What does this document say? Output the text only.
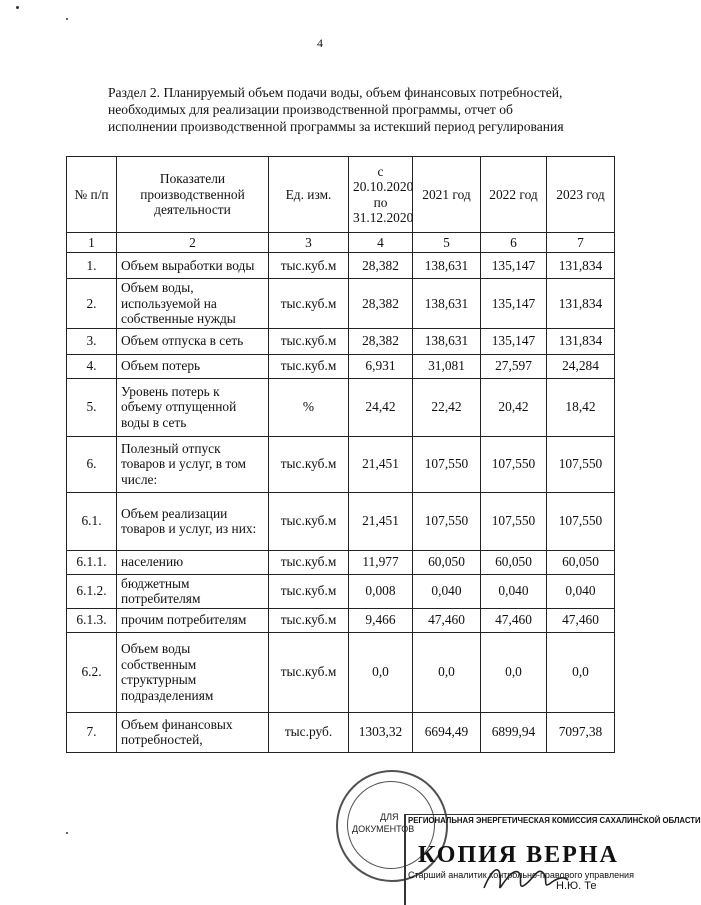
4
Раздел 2. Планируемый объем подачи воды, объем финансовых потребностей,
необходимых для реализации производственной программы, отчет об
исполнении производственной программы за истекший период регулирования
№ п/п	Показатели производственной деятельности	Ед. изм.	с 20.10.2020 по 31.12.2020	2021 год	2022 год	2023 год
1	2	3	4	5	6	7
1.	Объем выработки воды	тыс.куб.м	28,382	138,631	135,147	131,834
2.	Объем воды, используемой на собственные нужды	тыс.куб.м	28,382	138,631	135,147	131,834
3.	Объем отпуска в сеть	тыс.куб.м	28,382	138,631	135,147	131,834
4.	Объем потерь	тыс.куб.м	6,931	31,081	27,597	24,284
5.	Уровень потерь к объему отпущенной воды в сеть	%	24,42	22,42	20,42	18,42
6.	Полезный отпуск товаров и услуг, в том числе:	тыс.куб.м	21,451	107,550	107,550	107,550
6.1.	Объем реализации товаров и услуг, из них:	тыс.куб.м	21,451	107,550	107,550	107,550
6.1.1.	населению	тыс.куб.м	11,977	60,050	60,050	60,050
6.1.2.	бюджетным потребителям	тыс.куб.м	0,008	0,040	0,040	0,040
6.1.3.	прочим потребителям	тыс.куб.м	9,466	47,460	47,460	47,460
6.2.	Объем воды собственным структурным подразделениям	тыс.куб.м	0,0	0,0	0,0	0,0
7.	Объем финансовых потребностей,	тыс.руб.	1303,32	6694,49	6899,94	7097,38
ДЛЯ
ДОКУМЕНТОВ
РЕГИОНАЛЬНАЯ ЭНЕРГЕТИЧЕСКАЯ КОМИССИЯ САХАЛИНСКОЙ ОБЛАСТИ
КОПИЯ ВЕРНА
Старший аналитик контрольно-правового управления
Н.Ю. Те
